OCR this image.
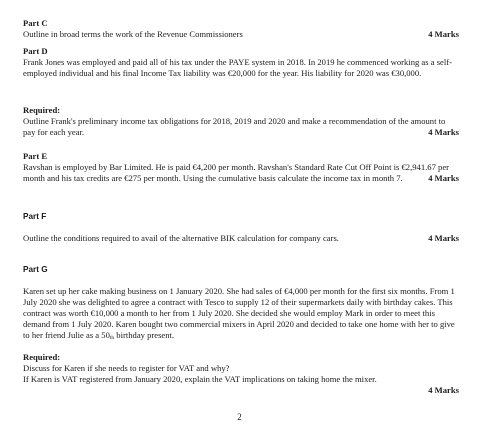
Part C
Outline in broad terms the work of the Revenue Commissioners	4 Marks
Part D

Frank Jones was employed and paid all of his tax under the PAYE system in 2018. In 2019 he commenced working as a self-employed individual and his final Income Tax liability was €20,000 for the year. His liability for 2020 was €30,000.

Required:

Outline Frank's preliminary income tax obligations for 2018, 2019 and 2020 and make a recommendation of the amount to pay for each year.	4 Marks
Part E

Ravshan is employed by Bar Limited. He is paid €4,200 per month. Ravshan's Standard Rate Cut Off Point is €2,941.67 per month and his tax credits are €275 per month. Using the cumulative basis calculate the income tax in month 7.	4 Marks
Part F
Outline the conditions required to avail of the alternative BIK calculation for company cars.	4 Marks
Part G

Karen set up her cake making business on 1 January 2020. She had sales of €4,000 per month for the first six months. From 1 July 2020 she was delighted to agree a contract with Tesco to supply 12 of their supermarkets daily with birthday cakes. This contract was worth €10,000 a month to her from 1 July 2020. She decided she would employ Mark in order to meet this demand from 1 July 2020. Karen bought two commercial mixers in April 2020 and decided to take one home with her to give to her friend Julie as a 50th birthday present.

Required:

Discuss for Karen if she needs to register for VAT and why?

If Karen is VAT registered from January 2020, explain the VAT implications on taking home the mixer.

4 Marks
2
